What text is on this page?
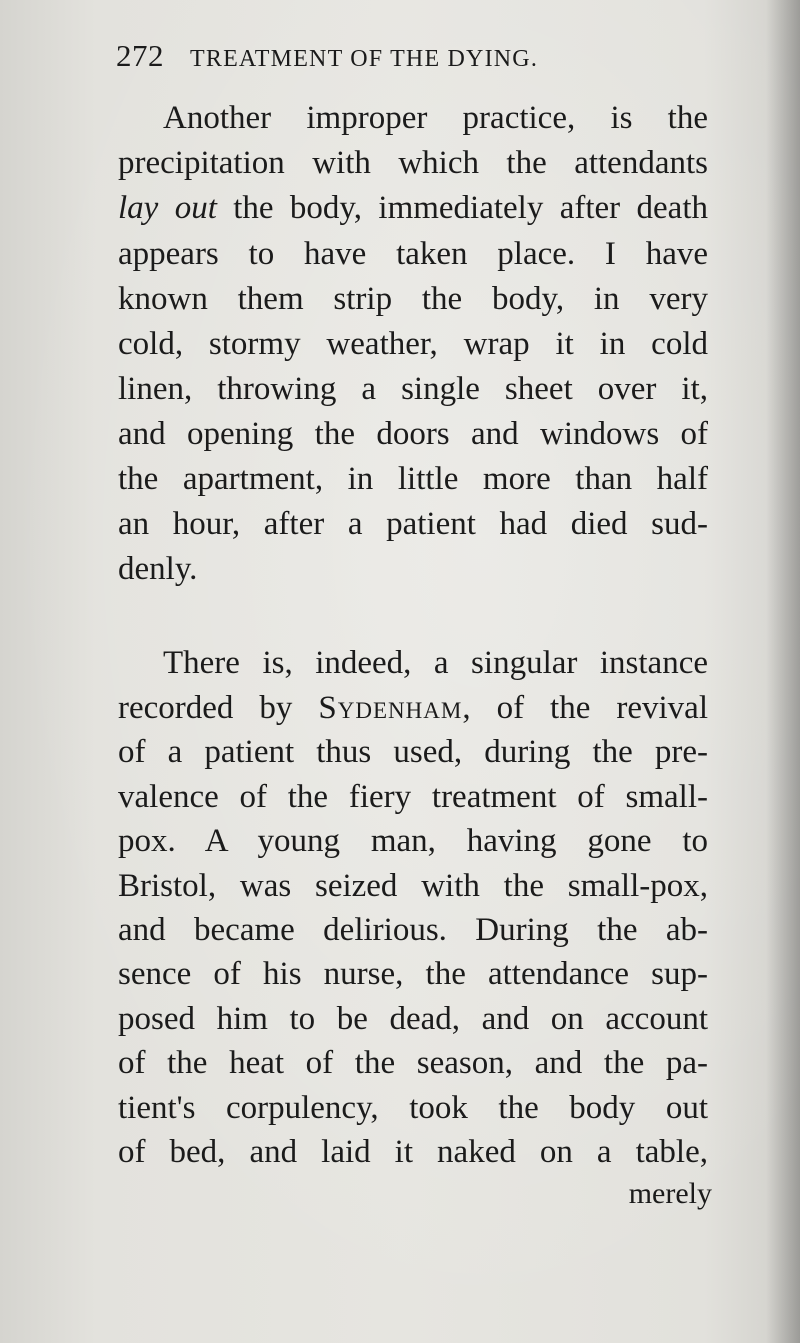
272 TREATMENT OF THE DYING.
Another improper practice, is the
precipitation with which the attendants
lay out the body, immediately after death
appears to have taken place. I have
known them strip the body, in very
cold, stormy weather, wrap it in cold
linen, throwing a single sheet over it,
and opening the doors and windows of
the apartment, in little more than half
an hour, after a patient had died sud-
denly.
There is, indeed, a singular instance
recorded by Sydenham, of the revival
of a patient thus used, during the pre-
valence of the fiery treatment of small-
pox. A young man, having gone to
Bristol, was seized with the small-pox,
and became delirious. During the ab-
sence of his nurse, the attendance sup-
posed him to be dead, and on account
of the heat of the season, and the pa-
tient's corpulency, took the body out
of bed, and laid it naked on a table,
merely
